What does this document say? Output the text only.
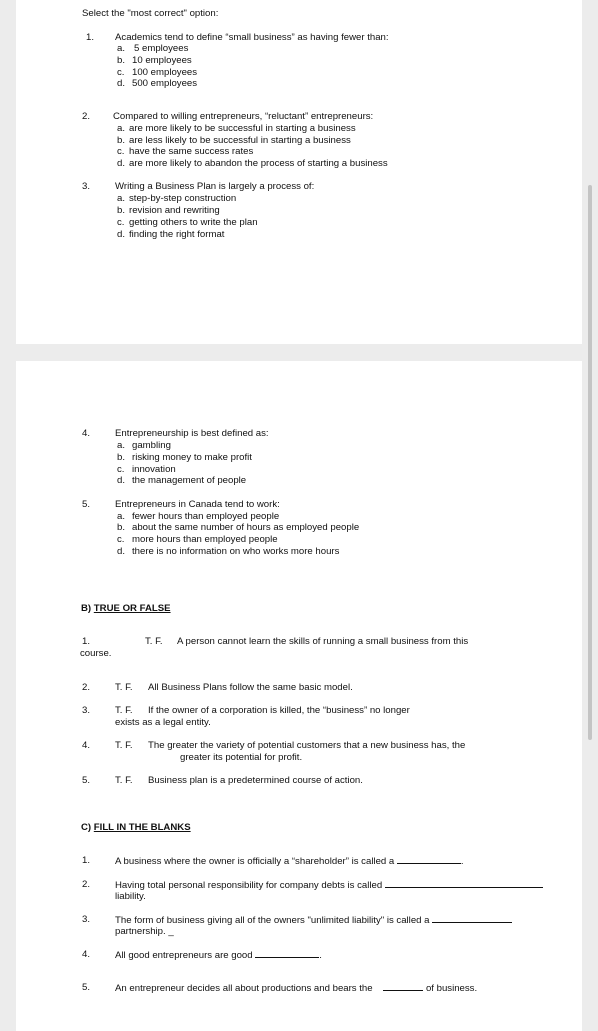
Select the "most correct" option:
1. Academics tend to define “small business” as having fewer than:
a. 5 employees
b. 10 employees
c. 100 employees
d. 500 employees
2. Compared to willing entrepreneurs, “reluctant” entrepreneurs:
a. are more likely to be successful in starting a business
b. are less likely to be successful in starting a business
c. have the same success rates
d. are more likely to abandon the process of starting a business
3.	Writing a Business Plan is largely a process of:
a. step-by-step construction
b. revision and rewriting
c. getting others to write the plan
d. finding the right format
4.	Entrepreneurship is best defined as:
a. gambling
b. risking money to make profit
c. innovation
d. the management of people
5.	Entrepreneurs in Canada tend to work:
a. fewer hours than employed people
b. about the same number of hours as employed people
c. more hours than employed people
d. there is no information on who works more hours
B) TRUE OR FALSE
1.	T. F. A person cannot learn the skills of running a small business from this
course.
2.	T. F. All Business Plans follow the same basic model.
3.	T. F. If the owner of a corporation is killed, the “business” no longer
exists as a legal entity.
4.	T. F. The greater the variety of potential customers that a new business has, the
greater its potential for profit.
5.	T. F. Business plan is a predetermined course of action.
C) FILL IN THE BLANKS
1.	A business where the owner is officially a “shareholder” is called a	.
2.	Having total personal responsibility for company debts is called
liability.
3.	The form of business giving all of the owners "unlimited liability" is called a
partnership. _
4.	All good entrepreneurs are good	.
5.	An entrepreneur decides all about productions and bears the	of business.
